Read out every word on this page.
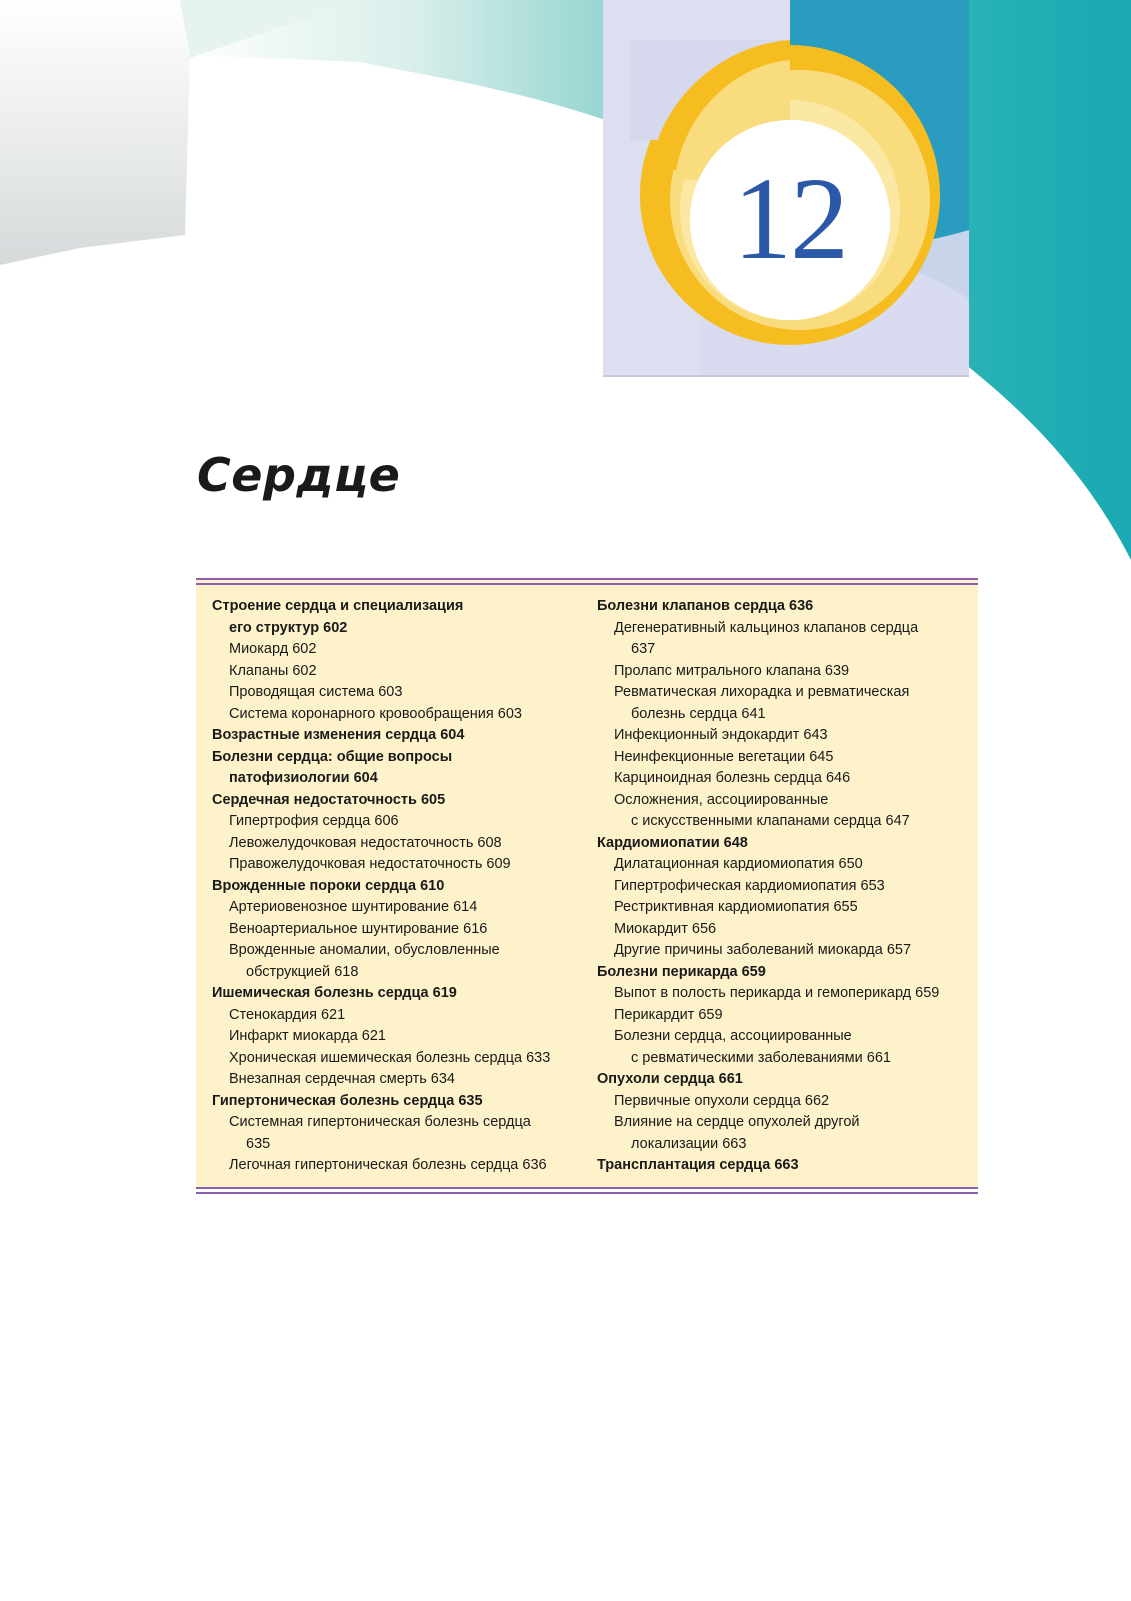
12
Сердце
Строение сердца и специализация
его структур 602
Миокард 602
Клапаны 602
Проводящая система 603
Система коронарного кровообращения 603
Возрастные изменения сердца 604
Болезни сердца: общие вопросы
патофизиологии 604
Сердечная недостаточность 605
Гипертрофия сердца 606
Левожелудочковая недостаточность 608
Правожелудочковая недостаточность 609
Врожденные пороки сердца 610
Артериовенозное шунтирование 614
Веноартериальное шунтирование 616
Врожденные аномалии, обусловленные
обструкцией 618
Ишемическая болезнь сердца 619
Стенокардия 621
Инфаркт миокарда 621
Хроническая ишемическая болезнь сердца 633
Внезапная сердечная смерть 634
Гипертоническая болезнь сердца 635
Системная гипертоническая болезнь сердца
635
Легочная гипертоническая болезнь сердца 636
Болезни клапанов сердца 636
Дегенеративный кальциноз клапанов сердца
637
Пролапс митрального клапана 639
Ревматическая лихорадка и ревматическая
болезнь сердца 641
Инфекционный эндокардит 643
Неинфекционные вегетации 645
Карциноидная болезнь сердца 646
Осложнения, ассоциированные
с искусственными клапанами сердца 647
Кардиомиопатии 648
Дилатационная кардиомиопатия 650
Гипертрофическая кардиомиопатия 653
Рестриктивная кардиомиопатия 655
Миокардит 656
Другие причины заболеваний миокарда 657
Болезни перикарда 659
Выпот в полость перикарда и гемоперикард 659
Перикардит 659
Болезни сердца, ассоциированные
с ревматическими заболеваниями 661
Опухоли сердца 661
Первичные опухоли сердца 662
Влияние на сердце опухолей другой
локализации 663
Трансплантация сердца 663
